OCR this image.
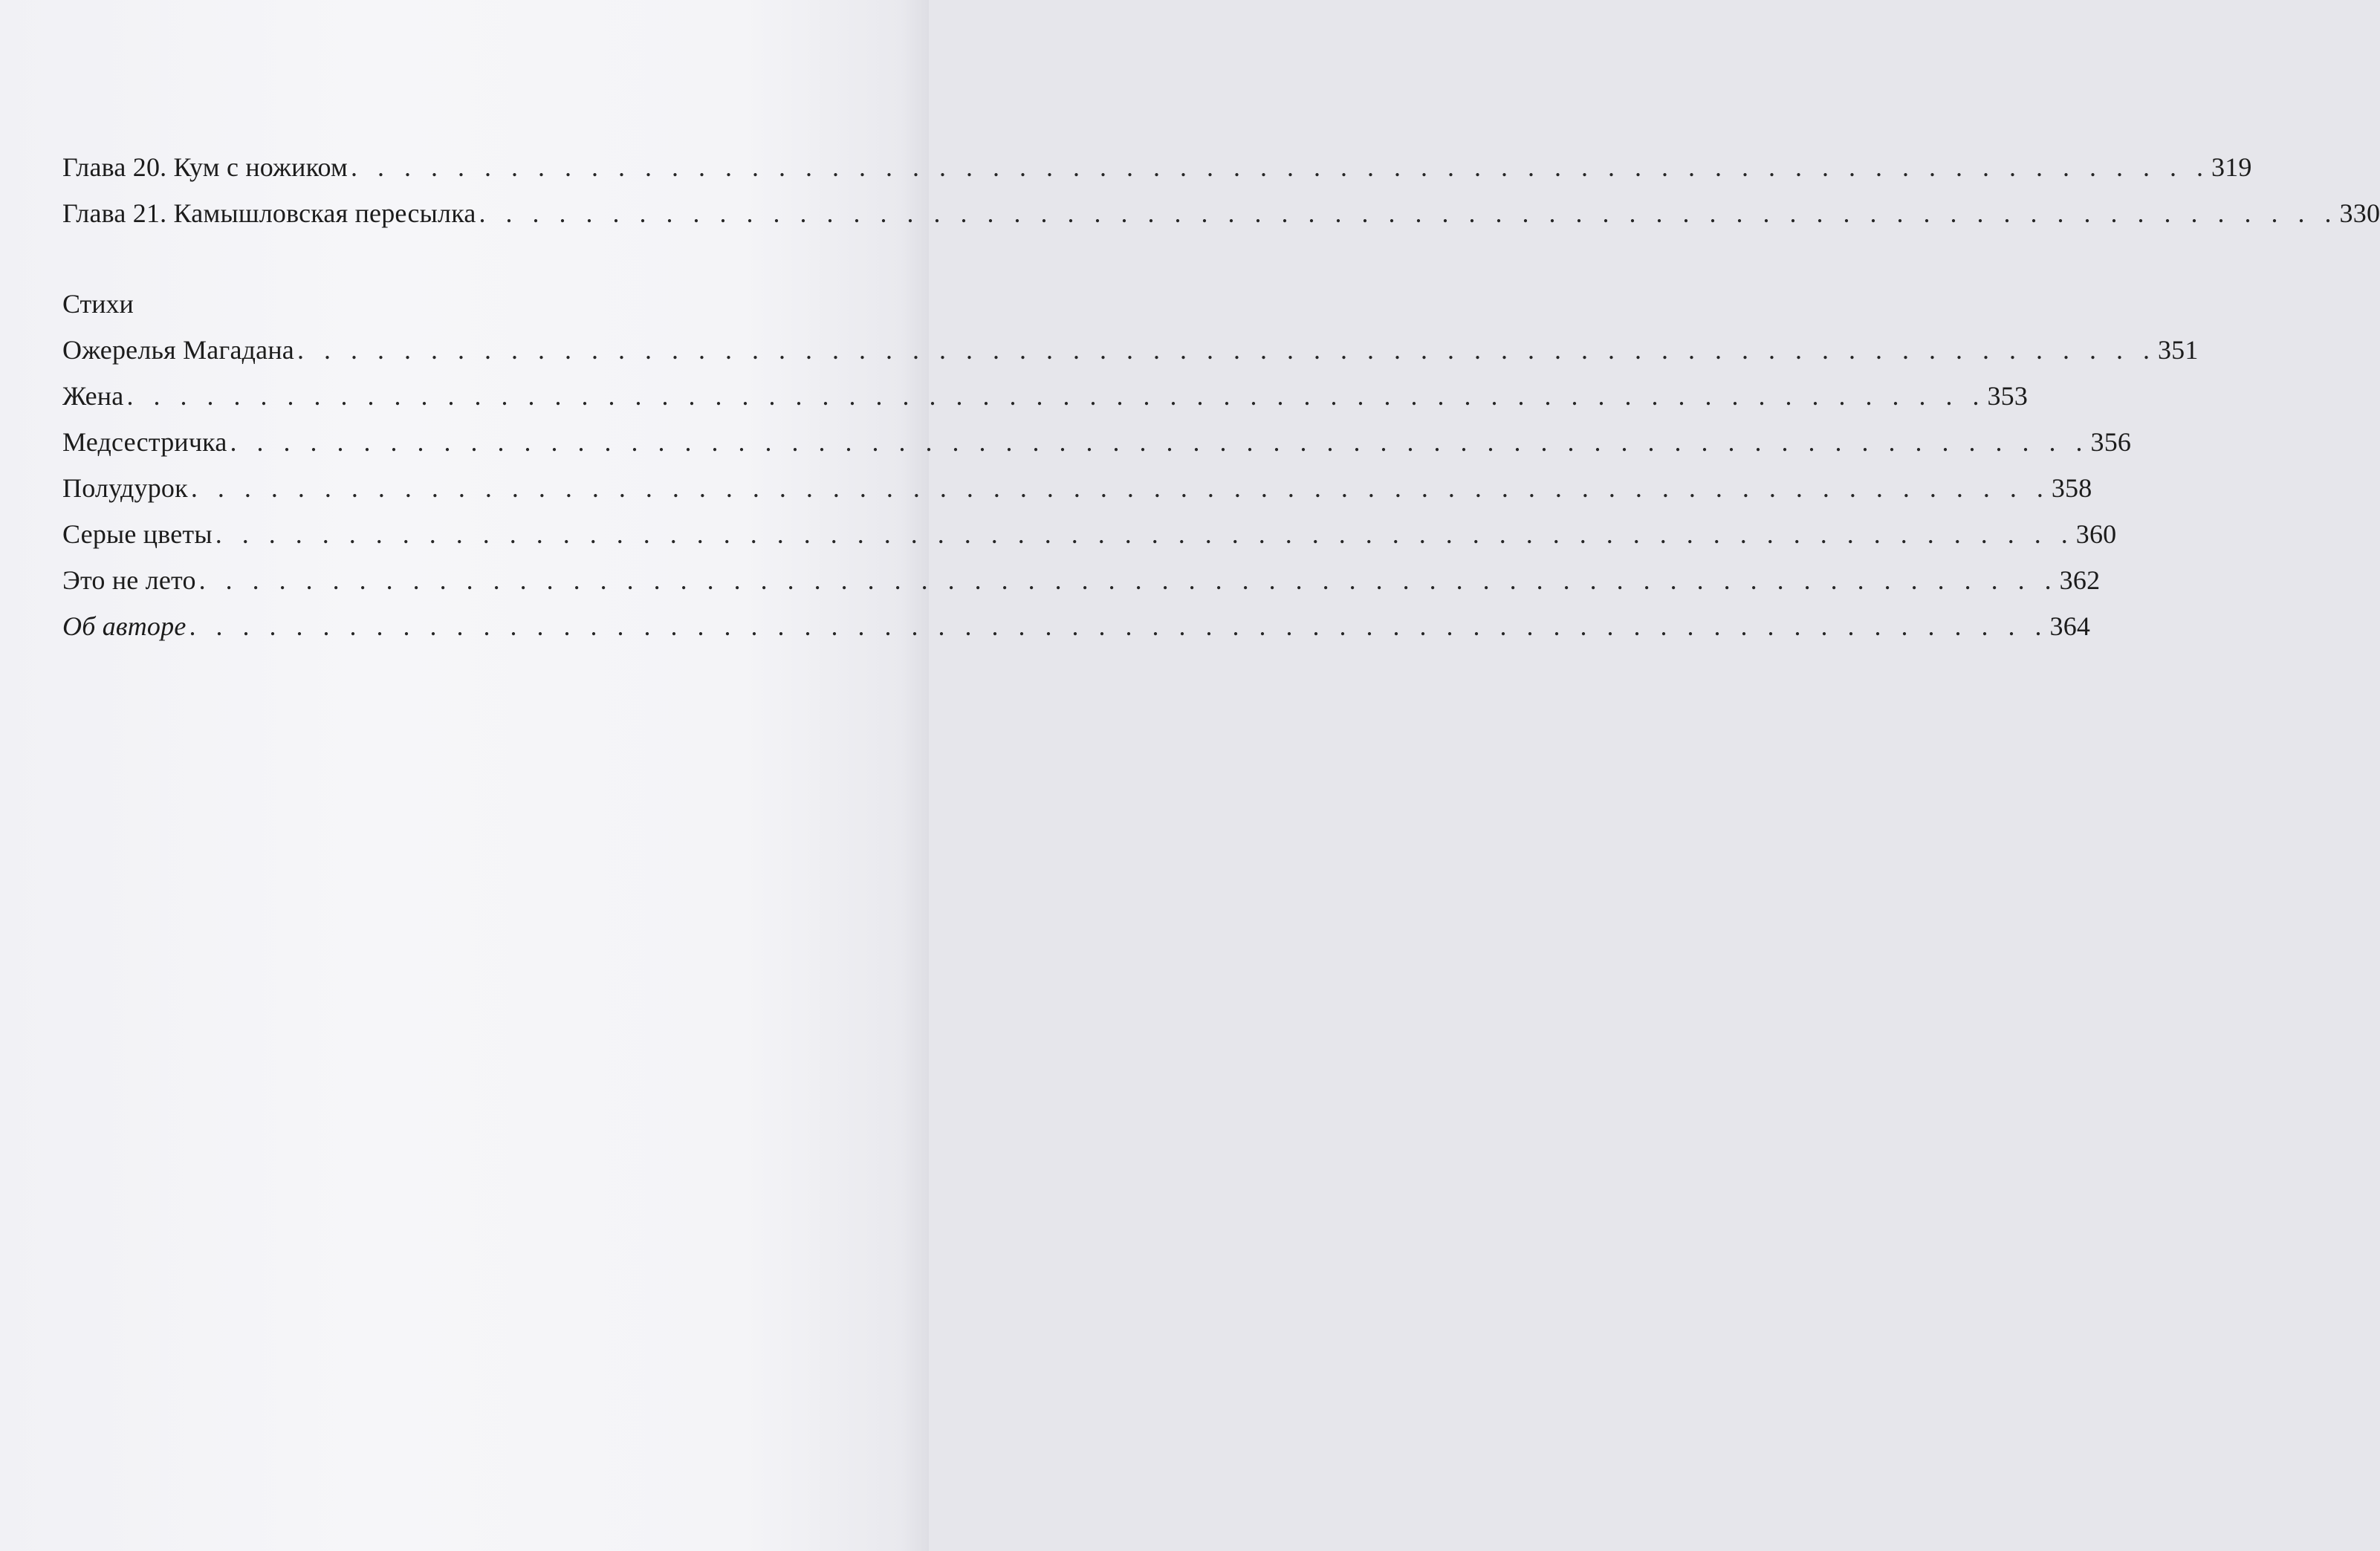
Глава 20. Кум с ножиком . . . . . . . . . . . . . . . . . . . . . . . . . . . . . . . . . . . . . . . . . . . . . . . . . . . . . . . . . . . . . . . . . . . . . . 319
Глава 21. Камышловская пересылка . . . . . . . . . . . . . . . . . . . . . . . . . . . . . . . . . . . . . . . . . . . . . . . . . . . . . . . . . . . . . . . . . . . . . . 330
Стихи
Ожерелья Магадана . . . . . . . . . . . . . . . . . . . . . . . . . . . . . . . . . . . . . . . . . . . . . . . . . . . . . . . . . . . . . . . . . . . . . . 351
Жена . . . . . . . . . . . . . . . . . . . . . . . . . . . . . . . . . . . . . . . . . . . . . . . . . . . . . . . . . . . . . . . . . . . . . . 353
Медсестричка . . . . . . . . . . . . . . . . . . . . . . . . . . . . . . . . . . . . . . . . . . . . . . . . . . . . . . . . . . . . . . . . . . . . . . 356
Полудурок . . . . . . . . . . . . . . . . . . . . . . . . . . . . . . . . . . . . . . . . . . . . . . . . . . . . . . . . . . . . . . . . . . . . . . 358
Серые цветы . . . . . . . . . . . . . . . . . . . . . . . . . . . . . . . . . . . . . . . . . . . . . . . . . . . . . . . . . . . . . . . . . . . . . . 360
Это не лето . . . . . . . . . . . . . . . . . . . . . . . . . . . . . . . . . . . . . . . . . . . . . . . . . . . . . . . . . . . . . . . . . . . . . . 362
Об авторе . . . . . . . . . . . . . . . . . . . . . . . . . . . . . . . . . . . . . . . . . . . . . . . . . . . . . . . . . . . . . . . . . . . . . . 364
